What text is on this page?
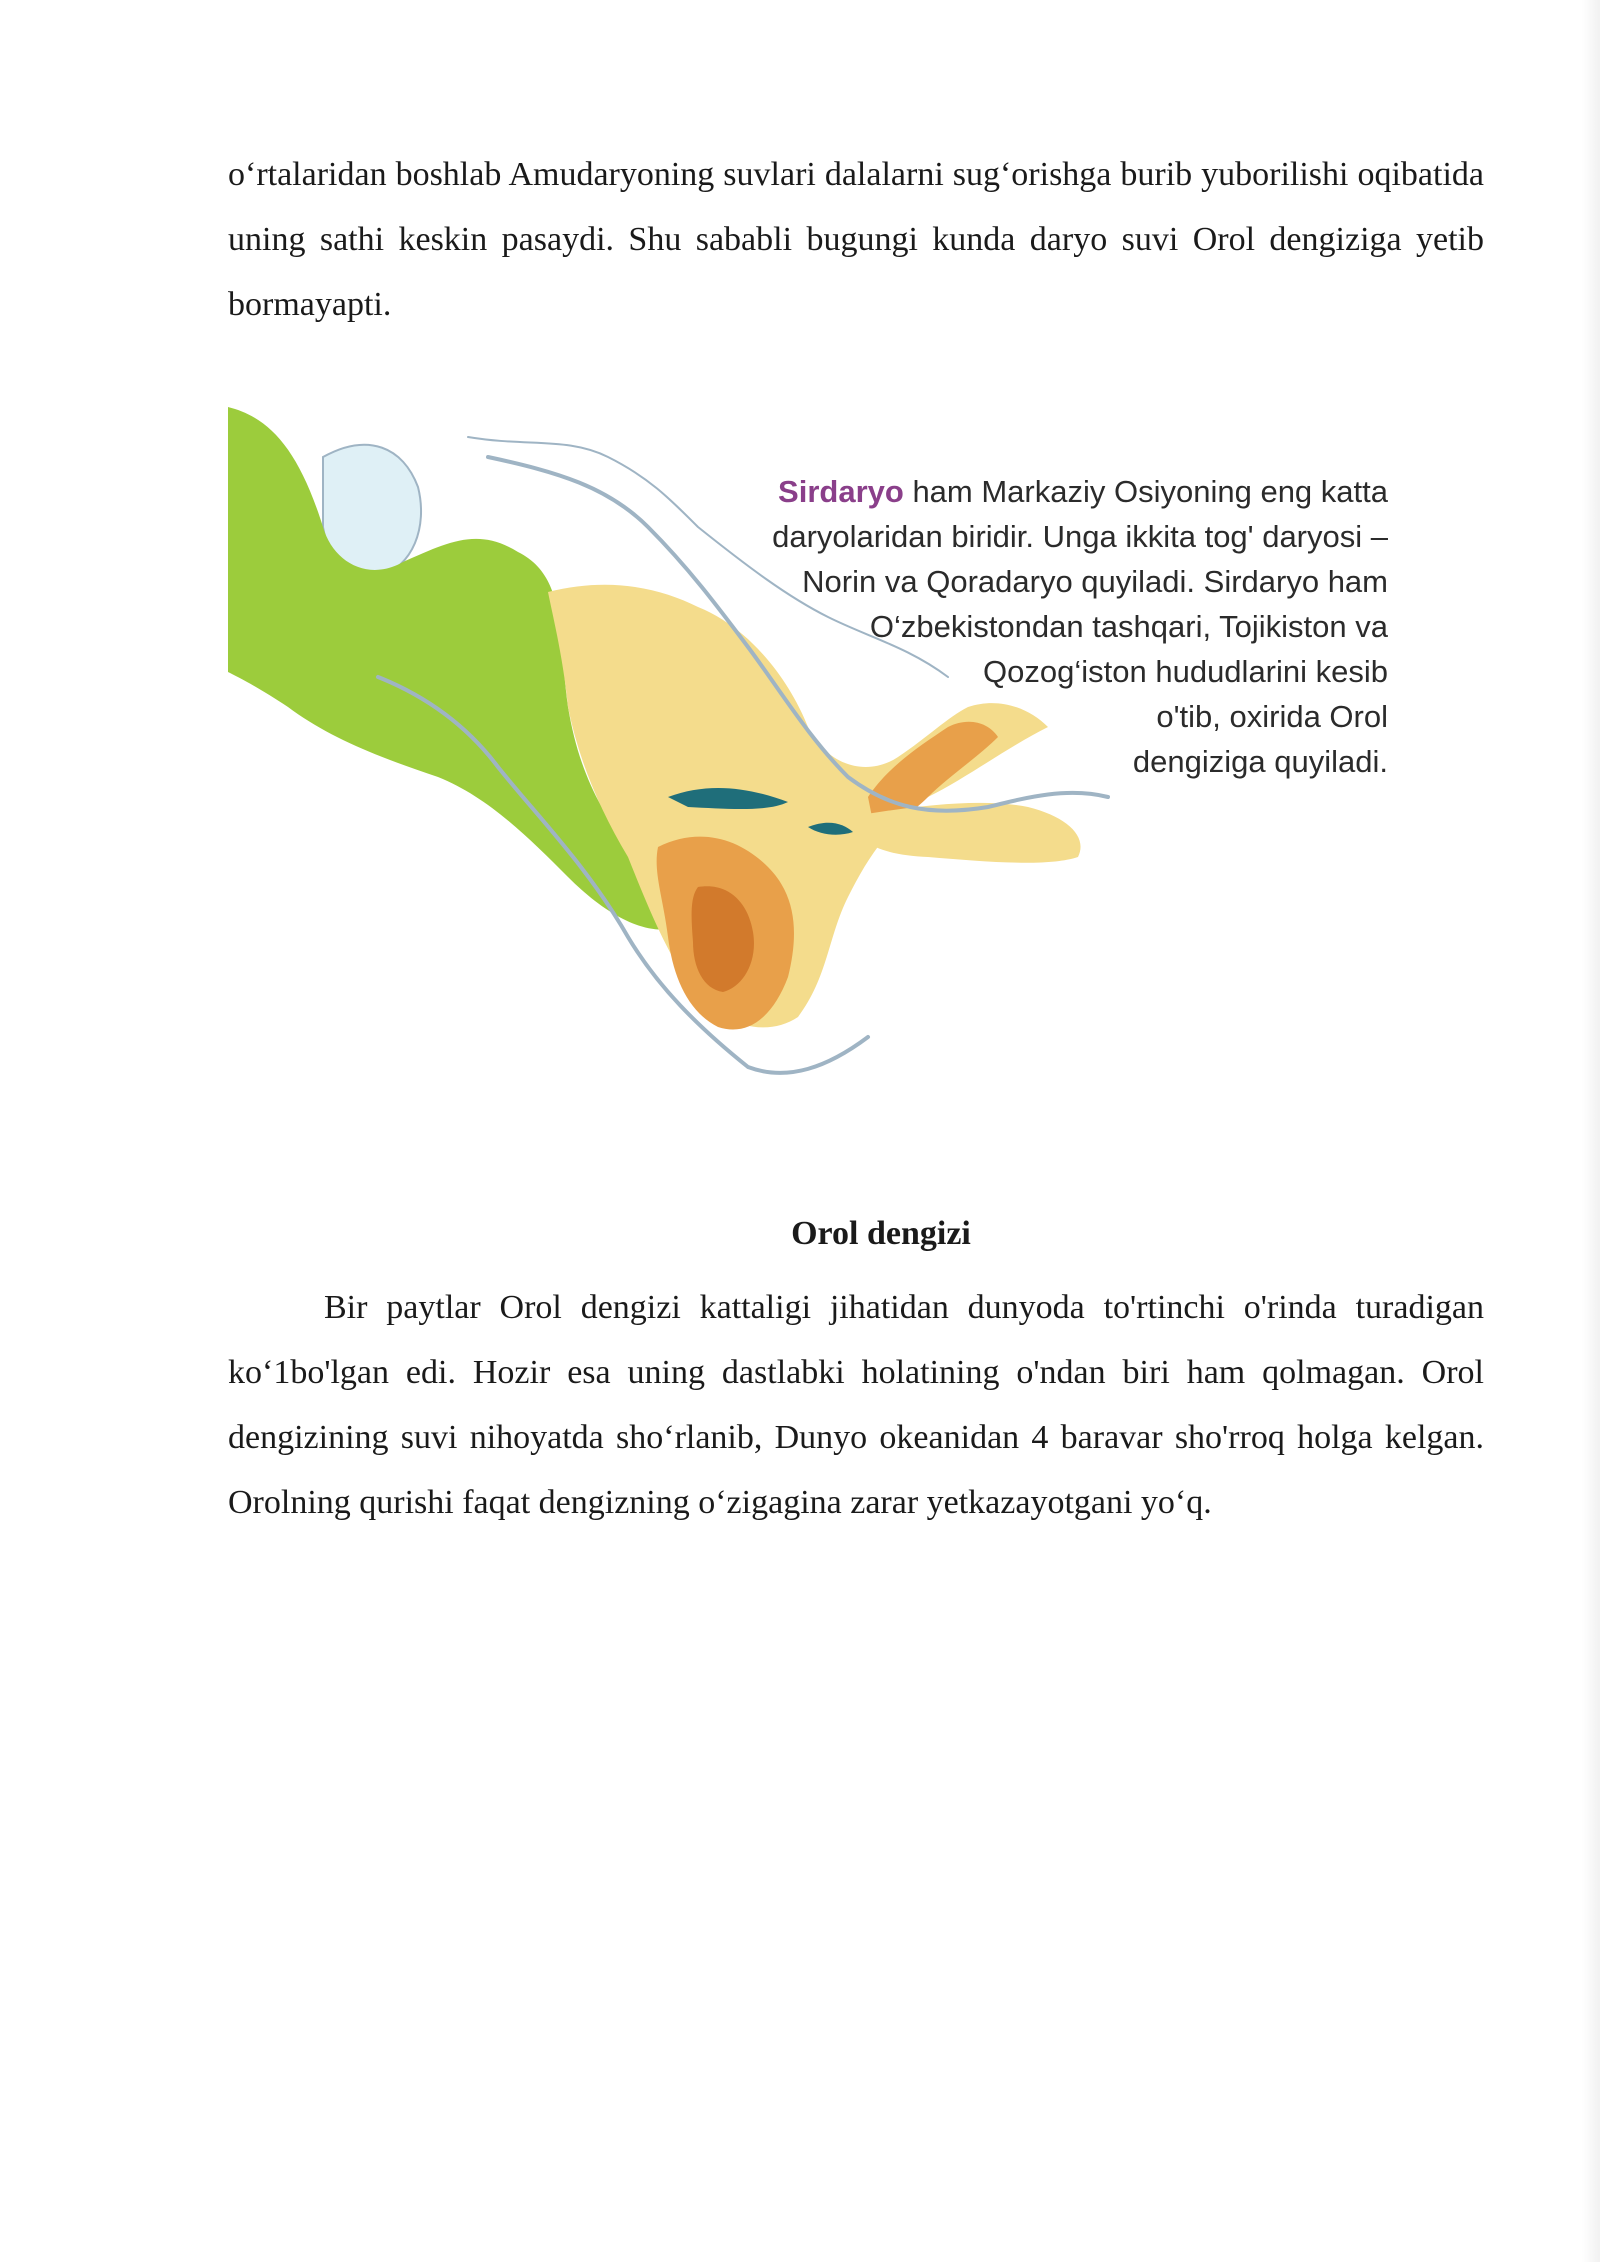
o‘rtalaridan boshlab Amudaryoning suvlari dalalarni sug‘orishga burib yuborilishi oqibatida uning sathi keskin pasaydi. Shu sababli bugungi kunda daryo suvi Orol dengiziga yetib bormayapti.

Sirdaryo ham Markaziy Osiyoning eng katta
daryolaridan biridir. Unga ikkita tog' daryosi –
Norin va Qoradaryo quyiladi. Sirdaryo ham
O‘zbekistondan tashqari, Tojikiston va
Qozog‘iston hududlarini kesib
o'tib, oxirida Orol
dengiziga quyiladi.
Orol dengizi

Bir paytlar Orol dengizi kattaligi jihatidan dunyoda to'rtinchi o'rinda turadigan ko‘1bo'lgan edi. Hozir esa uning dastlabki holatining o'ndan biri ham qolmagan. Orol dengizining suvi nihoyatda sho‘rlanib, Dunyo okeanidan 4 baravar sho'rroq holga kelgan. Orolning qurishi faqat dengizning o‘zigagina zarar yetkazayotgani yo‘q.
